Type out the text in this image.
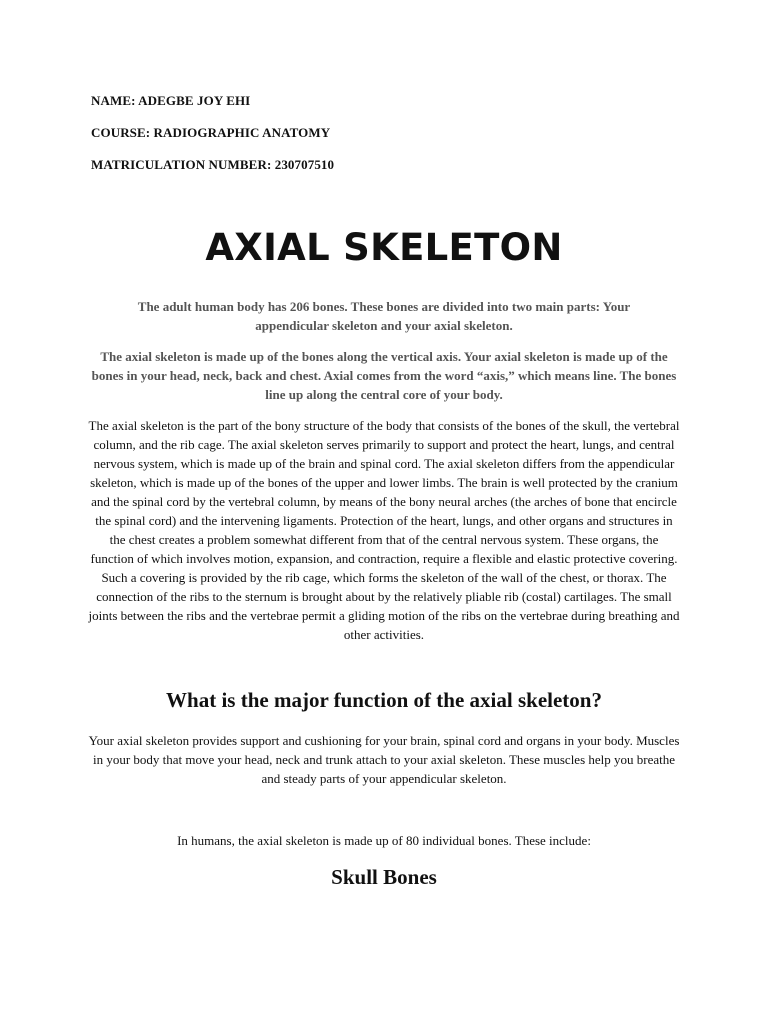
NAME: ADEGBE JOY EHI
COURSE: RADIOGRAPHIC ANATOMY
MATRICULATION NUMBER: 230707510
AXIAL SKELETON
The adult human body has 206 bones. These bones are divided into two main parts: Your appendicular skeleton and your axial skeleton.
The axial skeleton is made up of the bones along the vertical axis. Your axial skeleton is made up of the bones in your head, neck, back and chest. Axial comes from the word “axis,” which means line. The bones line up along the central core of your body.
The axial skeleton is the part of the bony structure of the body that consists of the bones of the skull, the vertebral column, and the rib cage. The axial skeleton serves primarily to support and protect the heart, lungs, and central nervous system, which is made up of the brain and spinal cord. The axial skeleton differs from the appendicular skeleton, which is made up of the bones of the upper and lower limbs. The brain is well protected by the cranium and the spinal cord by the vertebral column, by means of the bony neural arches (the arches of bone that encircle the spinal cord) and the intervening ligaments. Protection of the heart, lungs, and other organs and structures in the chest creates a problem somewhat different from that of the central nervous system. These organs, the function of which involves motion, expansion, and contraction, require a flexible and elastic protective covering. Such a covering is provided by the rib cage, which forms the skeleton of the wall of the chest, or thorax. The connection of the ribs to the sternum is brought about by the relatively pliable rib (costal) cartilages. The small joints between the ribs and the vertebrae permit a gliding motion of the ribs on the vertebrae during breathing and other activities.
What is the major function of the axial skeleton?
Your axial skeleton provides support and cushioning for your brain, spinal cord and organs in your body. Muscles in your body that move your head, neck and trunk attach to your axial skeleton. These muscles help you breathe and steady parts of your appendicular skeleton.
In humans, the axial skeleton is made up of 80 individual bones. These include:
Skull Bones
